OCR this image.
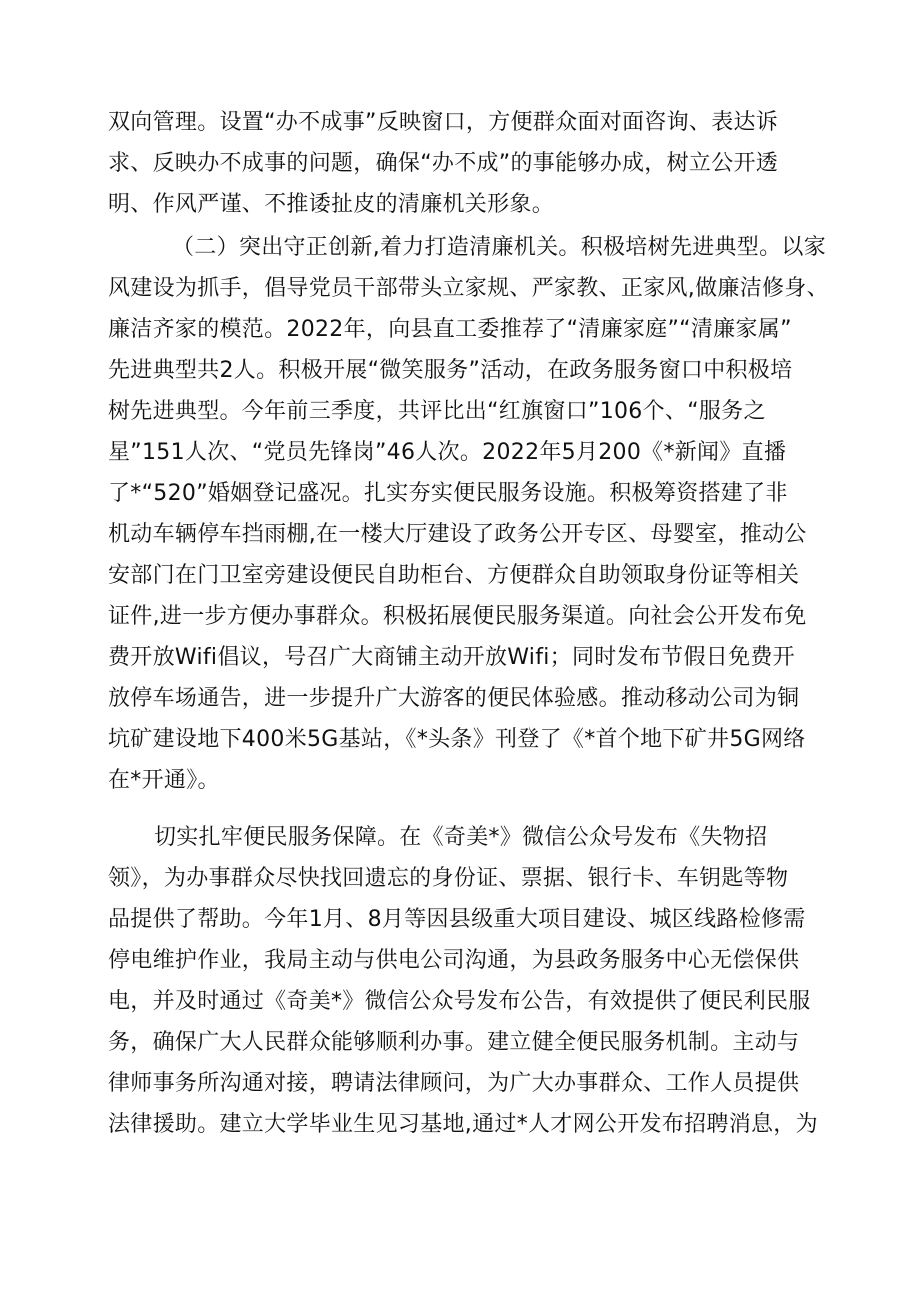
双向管理。设置“办不成事”反映窗口，方便群众面对面咨询、表达诉
求、反映办不成事的问题，确保“办不成”的事能够办成，树立公开透
明、作风严谨、不推诿扯皮的清廉机关形象。
（二）突出守正创新,着力打造清廉机关。积极培树先进典型。以家
风建设为抓手，倡导党员干部带头立家规、严家教、正家风,做廉洁修身、
廉洁齐家的模范。2022年，向县直工委推荐了“清廉家庭”“清廉家属”
先进典型共2人。积极开展“微笑服务”活动，在政务服务窗口中积极培
树先进典型。今年前三季度，共评比出“红旗窗口”106个、“服务之
星”151人次、“党员先锋岗”46人次。2022年5月200《*新闻》直播
了*“520”婚姻登记盛况。扎实夯实便民服务设施。积极筹资搭建了非
机动车辆停车挡雨棚,在一楼大厅建设了政务公开专区、母婴室，推动公
安部门在门卫室旁建设便民自助柜台、方便群众自助领取身份证等相关
证件,进一步方便办事群众。积极拓展便民服务渠道。向社会公开发布免
费开放Wifi倡议，号召广大商铺主动开放Wifi；同时发布节假日免费开
放停车场通告，进一步提升广大游客的便民体验感。推动移动公司为铜
坑矿建设地下400米5G基站，《*头条》刊登了《*首个地下矿井5G网络
在*开通》。
切实扎牢便民服务保障。在《奇美*》微信公众号发布《失物招
领》，为办事群众尽快找回遗忘的身份证、票据、银行卡、车钥匙等物
品提供了帮助。今年1月、8月等因县级重大项目建设、城区线路检修需
停电维护作业，我局主动与供电公司沟通，为县政务服务中心无偿保供
电，并及时通过《奇美*》微信公众号发布公告，有效提供了便民利民服
务，确保广大人民群众能够顺利办事。建立健全便民服务机制。主动与
律师事务所沟通对接，聘请法律顾问，为广大办事群众、工作人员提供
法律援助。建立大学毕业生见习基地,通过*人才网公开发布招聘消息，为
